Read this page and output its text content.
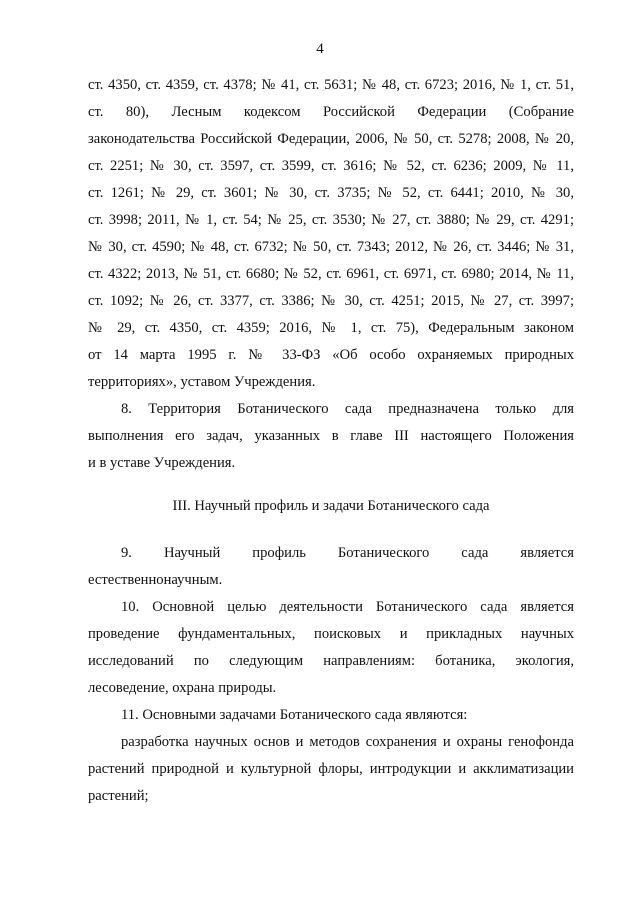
4
ст. 4350, ст. 4359, ст. 4378; № 41, ст. 5631; № 48, ст. 6723; 2016, № 1, ст. 51,
ст. 80), Лесным кодексом Российской Федерации (Собрание
законодательства Российской Федерации, 2006, № 50, ст. 5278; 2008, № 20,
ст. 2251; № 30, ст. 3597, ст. 3599, ст. 3616; № 52, ст. 6236; 2009, № 11,
ст. 1261; № 29, ст. 3601; № 30, ст. 3735; № 52, ст. 6441; 2010, № 30,
ст. 3998; 2011, № 1, ст. 54; № 25, ст. 3530; № 27, ст. 3880; № 29, ст. 4291;
№ 30, ст. 4590; № 48, ст. 6732; № 50, ст. 7343; 2012, № 26, ст. 3446; № 31,
ст. 4322; 2013, № 51, ст. 6680; № 52, ст. 6961, ст. 6971, ст. 6980; 2014, № 11,
ст. 1092; № 26, ст. 3377, ст. 3386; № 30, ст. 4251; 2015, № 27, ст. 3997;
№ 29, ст. 4350, ст. 4359; 2016, № 1, ст. 75), Федеральным законом
от 14 марта 1995 г. № 33-ФЗ «Об особо охраняемых природных
территориях», уставом Учреждения.
8. Территория Ботанического сада предназначена только для
выполнения его задач, указанных в главе III настоящего Положения
и в уставе Учреждения.
III. Научный профиль и задачи Ботанического сада
9. Научный профиль Ботанического сада является
естественнонаучным.
10. Основной целью деятельности Ботанического сада является
проведение фундаментальных, поисковых и прикладных научных
исследований по следующим направлениям: ботаника, экология,
лесоведение, охрана природы.
11. Основными задачами Ботанического сада являются:
разработка научных основ и методов сохранения и охраны генофонда
растений природной и культурной флоры, интродукции и акклиматизации
растений;
